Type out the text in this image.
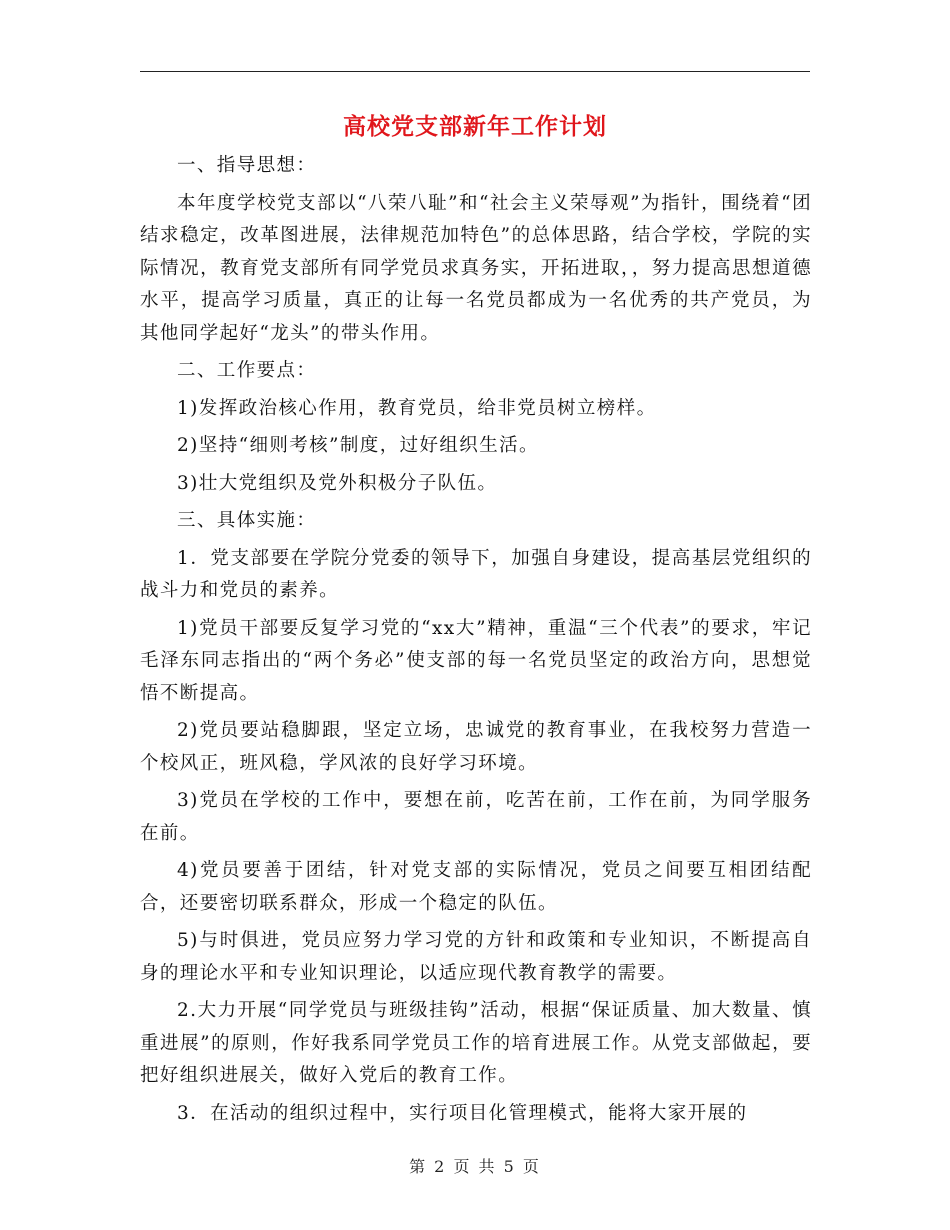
高校党支部新年工作计划

一、指导思想：

本年度学校党支部以“八荣八耻”和“社会主义荣辱观”为指针，围绕着“团结求稳定，改革图进展，法律规范加特色”的总体思路，结合学校，学院的实际情况，教育党支部所有同学党员求真务实，开拓进取，，努力提高思想道德水平，提高学习质量，真正的让每一名党员都成为一名优秀的共产党员，为其他同学起好“龙头”的带头作用。

二、工作要点：

1)发挥政治核心作用，教育党员，给非党员树立榜样。

2)坚持“细则考核”制度，过好组织生活。

3)壮大党组织及党外积极分子队伍。

三、具体实施：

1．党支部要在学院分党委的领导下，加强自身建设，提高基层党组织的战斗力和党员的素养。

1)党员干部要反复学习党的“xx大”精神，重温“三个代表”的要求，牢记毛泽东同志指出的“两个务必”使支部的每一名党员坚定的政治方向，思想觉悟不断提高。

2)党员要站稳脚跟，坚定立场，忠诚党的教育事业，在我校努力营造一个校风正，班风稳，学风浓的良好学习环境。

3)党员在学校的工作中，要想在前，吃苦在前，工作在前，为同学服务在前。

4)党员要善于团结，针对党支部的实际情况，党员之间要互相团结配合，还要密切联系群众，形成一个稳定的队伍。

5)与时俱进，党员应努力学习党的方针和政策和专业知识，不断提高自身的理论水平和专业知识理论，以适应现代教育教学的需要。

2.大力开展“同学党员与班级挂钩”活动，根据“保证质量、加大数量、慎重进展”的原则，作好我系同学党员工作的培育进展工作。从党支部做起，要把好组织进展关，做好入党后的教育工作。

3．在活动的组织过程中，实行项目化管理模式，能将大家开展的

第 2 页 共 5 页
